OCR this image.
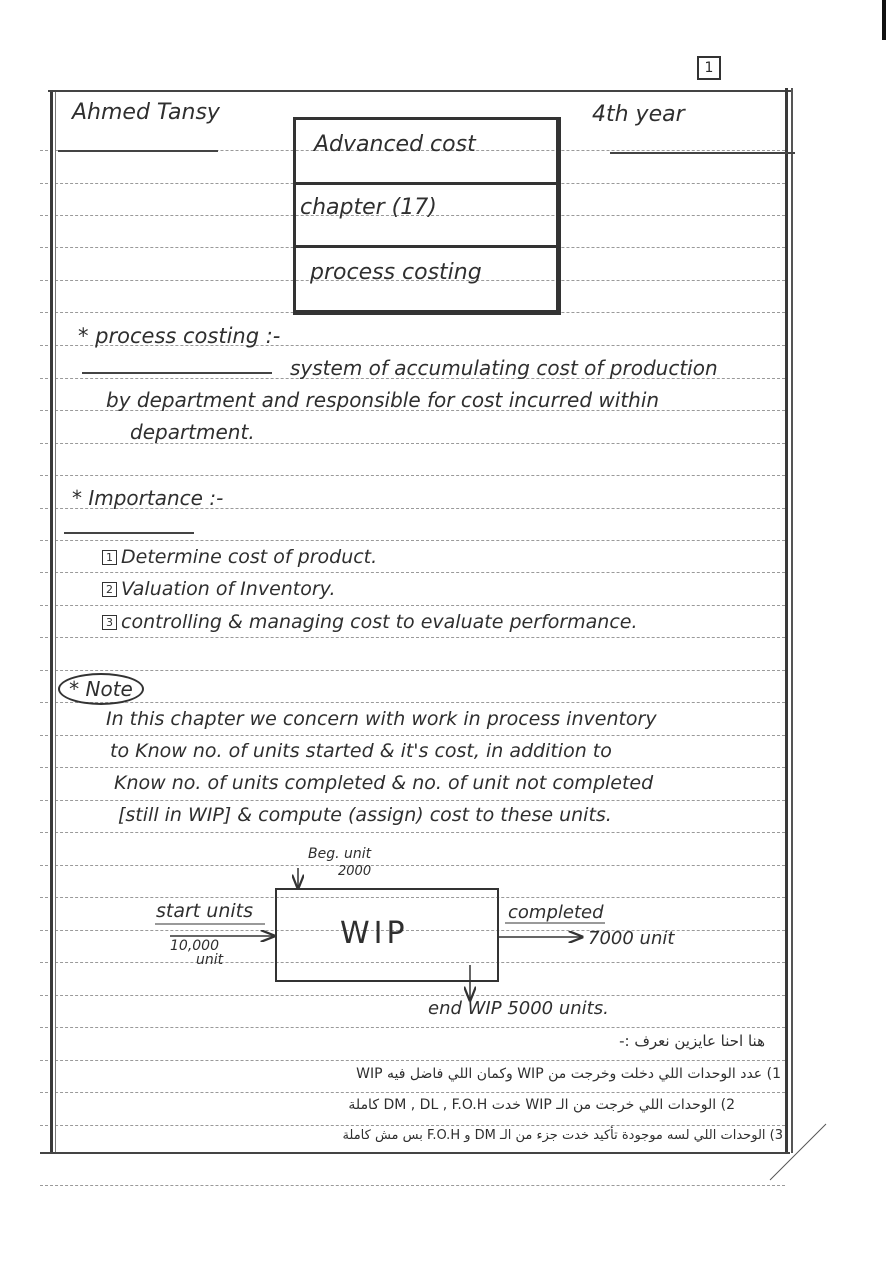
1
Ahmed Tansy	4th year
Advanced cost
chapter (17)
process costing
* process costing :-
system of accumulating cost of production
by department and responsible for cost incurred within
department.
* Importance :-
1 Determine cost of product.
2 Valuation of Inventory.
3 controlling & managing cost to evaluate performance.
* Note
In this chapter we concern with work in process inventory
to Know no. of units started & it's cost, in addition to
Know no. of units completed & no. of unit not completed
[still in WIP] & compute (assign) cost to these units.
WIP
Beg. unit
2000
start units
10,000
unit
completed
7000 unit
end WIP 5000 units.
هنا احنا عايزين نعرف :-
1) عدد الوحدات اللي دخلت وخرجت من WIP وكمان اللي فاضل فيه WIP
2) الوحدات اللي خرجت من الـ WIP خدت DM , DL , F.O.H كاملة
3) الوحدات اللي لسه موجودة تأكيد خدت جزء من الـ DM و F.O.H بس مش كاملة
